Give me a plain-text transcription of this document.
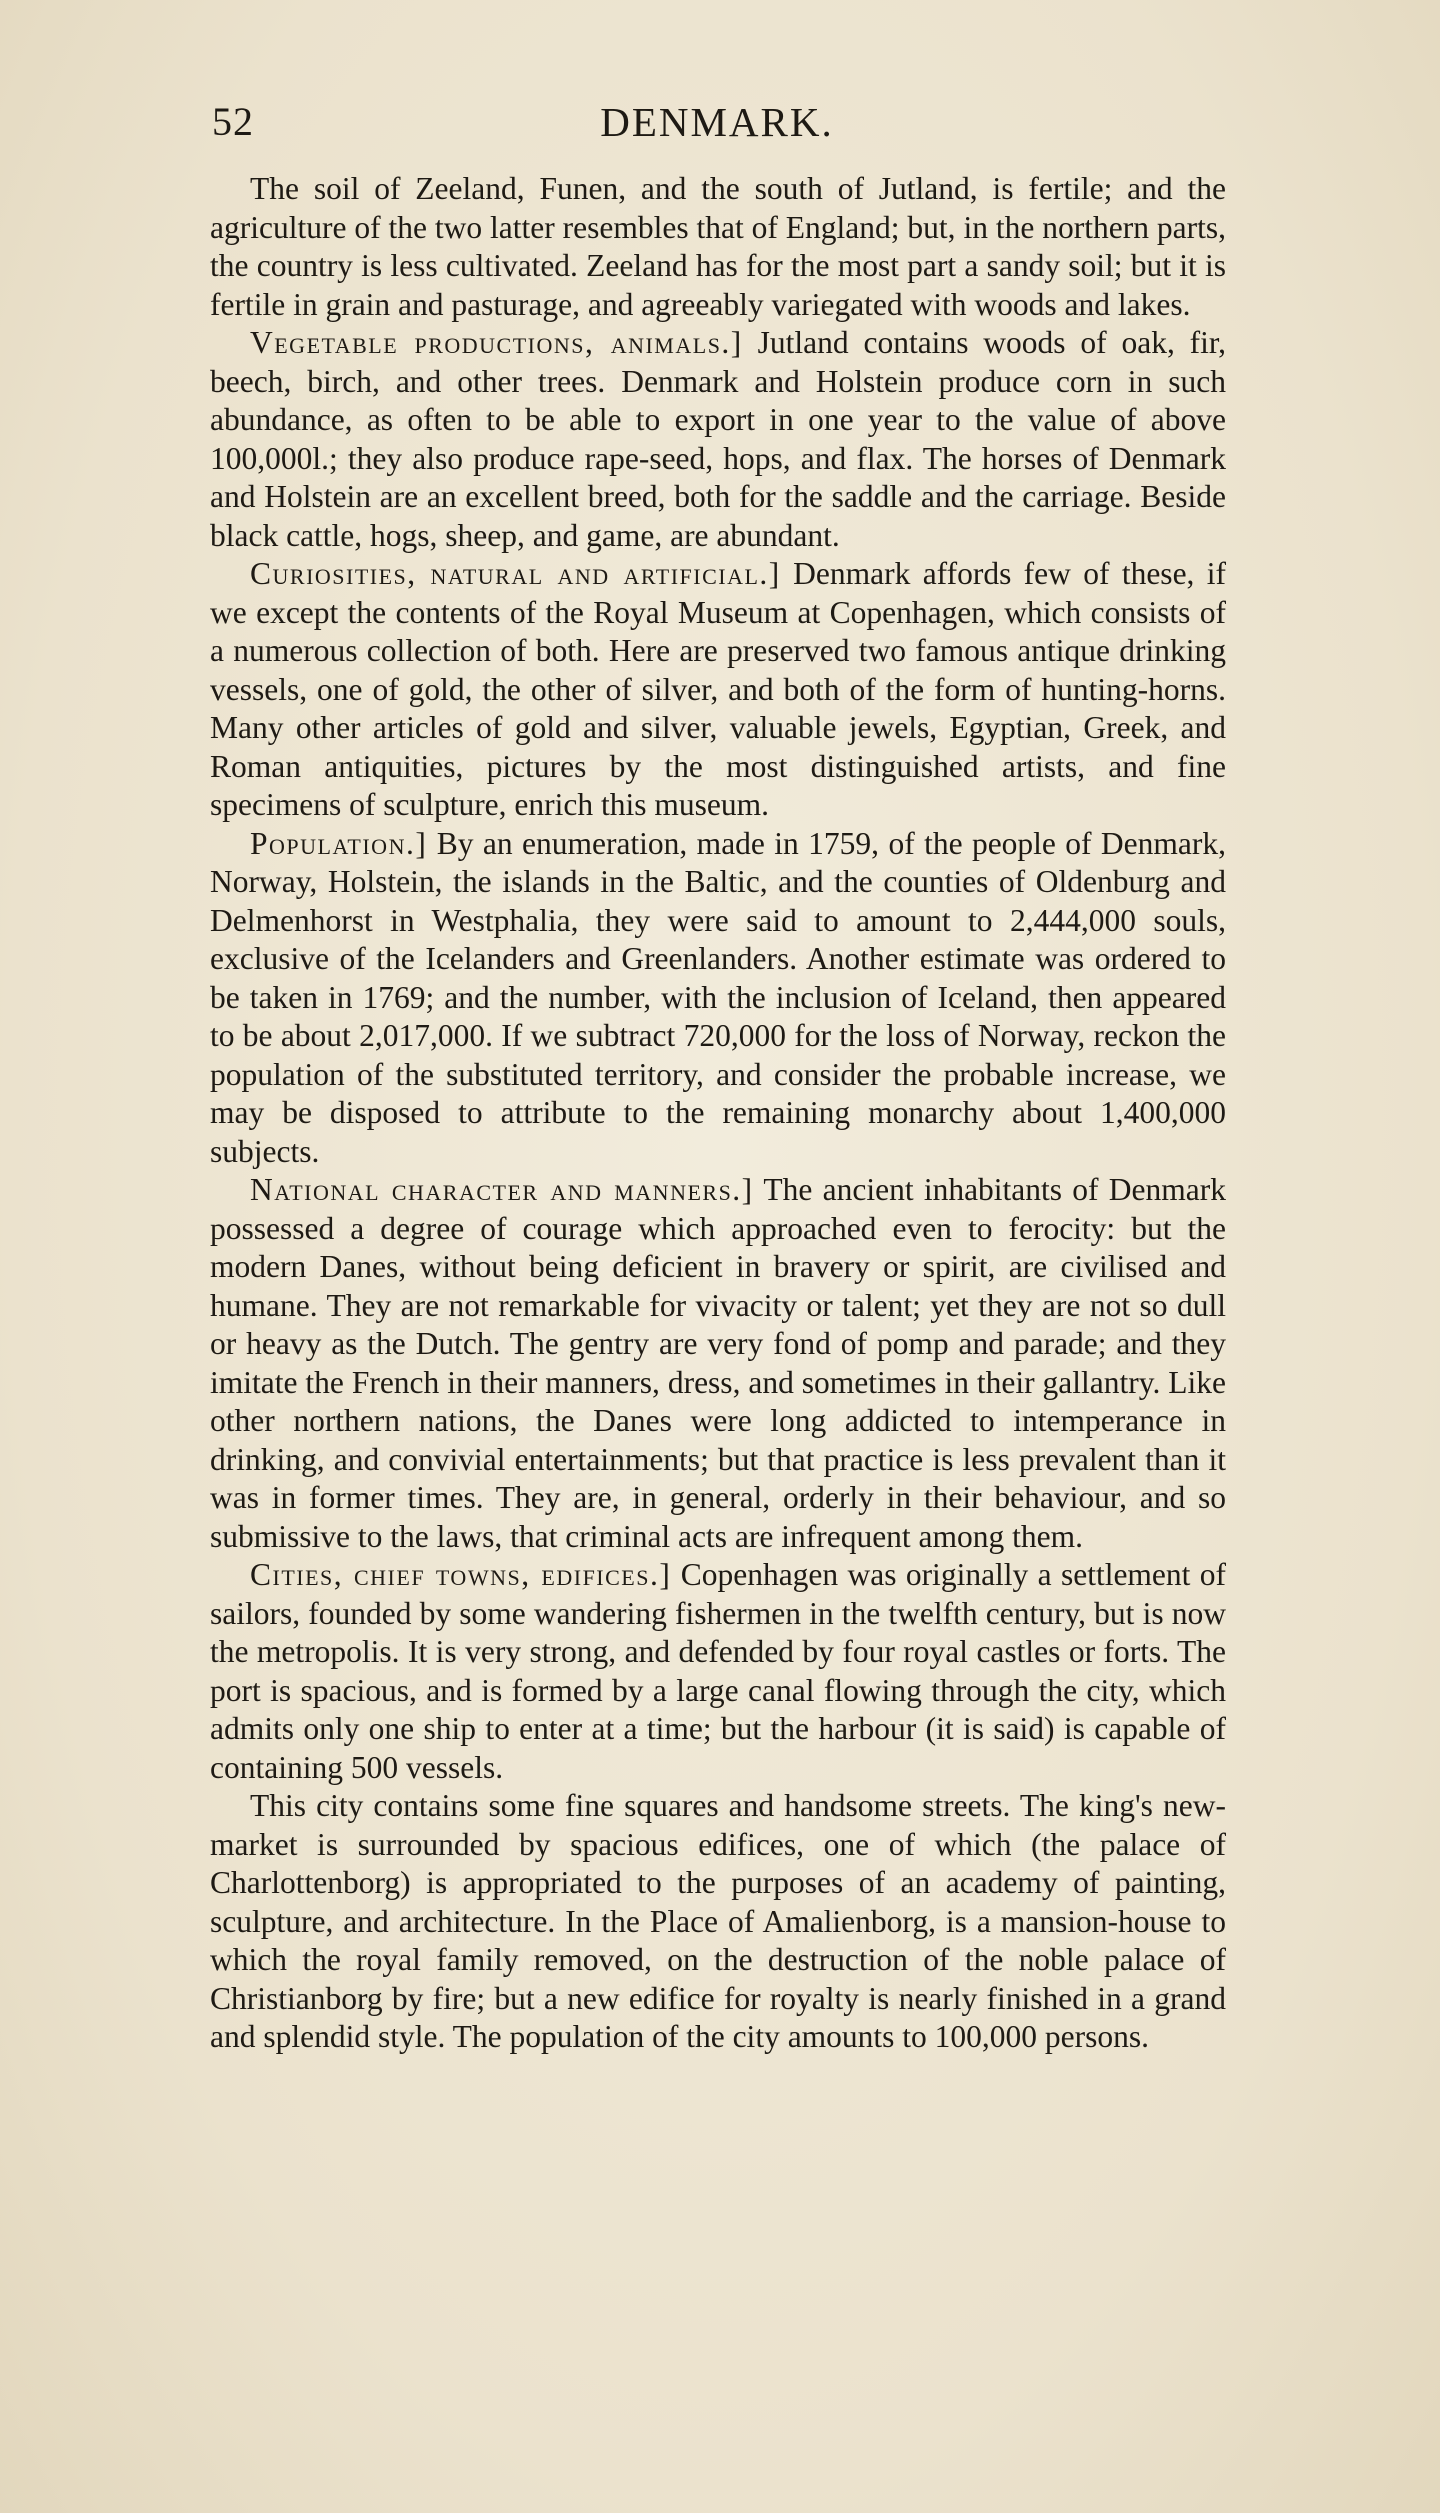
52	DENMARK.

The soil of Zeeland, Funen, and the south of Jutland, is fertile; and the agriculture of the two latter resembles that of England; but, in the northern parts, the country is less cultivated. Zeeland has for the most part a sandy soil; but it is fertile in grain and pasturage, and agreeably variegated with woods and lakes.

Vegetable productions, animals.] Jutland contains woods of oak, fir, beech, birch, and other trees. Denmark and Holstein produce corn in such abundance, as often to be able to export in one year to the value of above 100,000l.; they also produce rape-seed, hops, and flax. The horses of Denmark and Holstein are an excellent breed, both for the saddle and the carriage. Beside black cattle, hogs, sheep, and game, are abundant.

Curiosities, natural and artificial.] Denmark affords few of these, if we except the contents of the Royal Museum at Copenhagen, which consists of a numerous collection of both. Here are preserved two famous antique drinking vessels, one of gold, the other of silver, and both of the form of hunting-horns. Many other articles of gold and silver, valuable jewels, Egyptian, Greek, and Roman antiquities, pictures by the most distinguished artists, and fine specimens of sculpture, enrich this museum.

Population.] By an enumeration, made in 1759, of the people of Denmark, Norway, Holstein, the islands in the Baltic, and the counties of Oldenburg and Delmenhorst in Westphalia, they were said to amount to 2,444,000 souls, exclusive of the Icelanders and Greenlanders. Another estimate was ordered to be taken in 1769; and the number, with the inclusion of Iceland, then appeared to be about 2,017,000. If we subtract 720,000 for the loss of Norway, reckon the population of the substituted territory, and consider the probable increase, we may be disposed to attribute to the remaining monarchy about 1,400,000 subjects.

National character and manners.] The ancient inhabitants of Denmark possessed a degree of courage which approached even to ferocity: but the modern Danes, without being deficient in bravery or spirit, are civilised and humane. They are not remarkable for vivacity or talent; yet they are not so dull or heavy as the Dutch. The gentry are very fond of pomp and parade; and they imitate the French in their manners, dress, and sometimes in their gallantry. Like other northern nations, the Danes were long addicted to intemperance in drinking, and convivial entertainments; but that practice is less prevalent than it was in former times. They are, in general, orderly in their behaviour, and so submissive to the laws, that criminal acts are infrequent among them.

Cities, chief towns, edifices.] Copenhagen was originally a settlement of sailors, founded by some wandering fishermen in the twelfth century, but is now the metropolis. It is very strong, and defended by four royal castles or forts. The port is spacious, and is formed by a large canal flowing through the city, which admits only one ship to enter at a time; but the harbour (it is said) is capable of containing 500 vessels.

This city contains some fine squares and handsome streets. The king's new-market is surrounded by spacious edifices, one of which (the palace of Charlottenborg) is appropriated to the purposes of an academy of painting, sculpture, and architecture. In the Place of Amalienborg, is a mansion-house to which the royal family removed, on the destruction of the noble palace of Christianborg by fire; but a new edifice for royalty is nearly finished in a grand and splendid style. The population of the city amounts to 100,000 persons.
